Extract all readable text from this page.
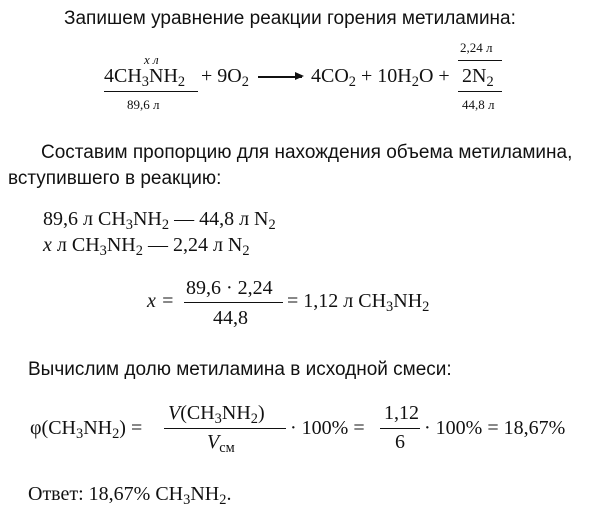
Запишем уравнение реакции горения метиламина:
x л
89,6 л
2,24 л
44,8 л
$4CH_3NH_2 + 9O_2 \to 4CO_2 + 10H_2O + 2N_2$
Составим пропорцию для нахождения объема метиламина,
вступившего в реакцию:
89,6 л $CH_3NH_2$ — 44,8 л $N_2$
x л $CH_3NH_2$ — 2,24 л $N_2$
x =
89,6 · 2,24
44,8
= 1,12 л $CH_3NH_2$
Вычислим долю метиламина в исходной смеси:
$\varphi(CH_3NH_2)$ =
$V(CH_3NH_2)$
$V_{см}$
· 100% =
1,12
6
· 100% = 18,67%
Ответ: 18,67% $CH_3NH_2$.
